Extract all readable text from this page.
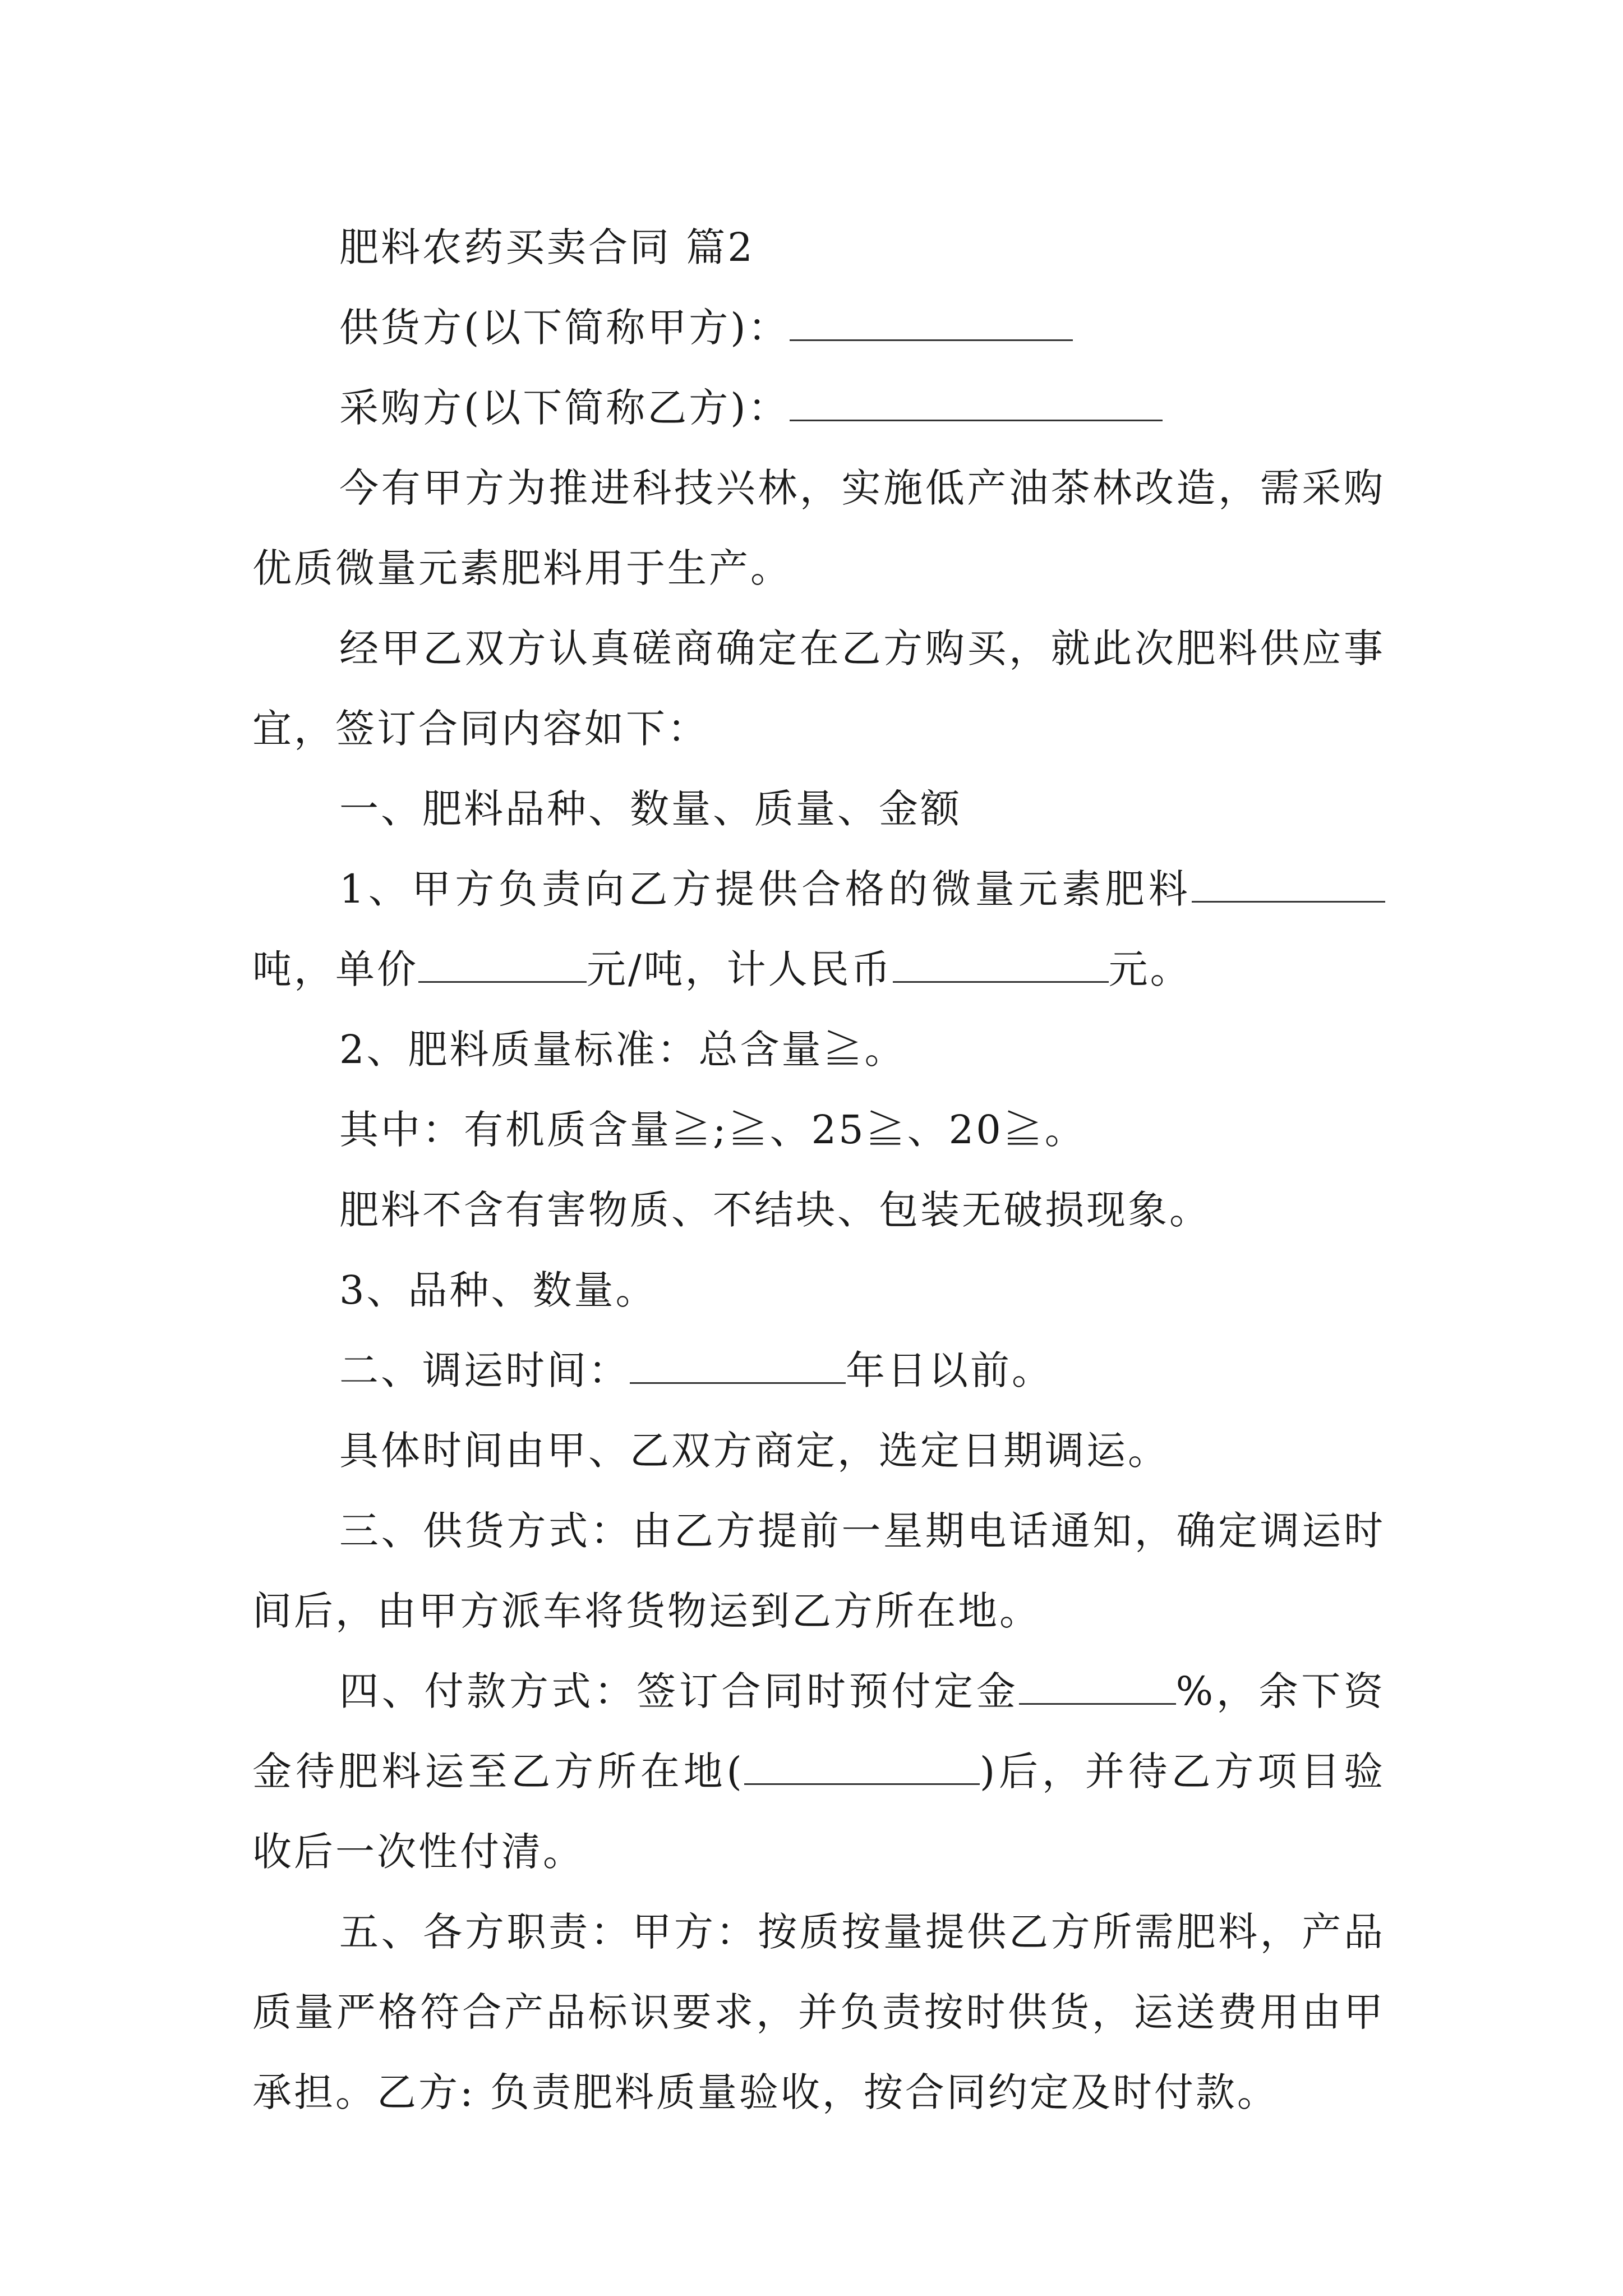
肥料农药买卖合同 篇2

供货方(以下简称甲方)：

采购方(以下简称乙方)：

今有甲方为推进科技兴林，实施低产油茶林改造，需采购优质微量元素肥料用于生产。

经甲乙双方认真磋商确定在乙方购买，就此次肥料供应事宜，签订合同内容如下：

一、肥料品种、数量、质量、金额

1、甲方负责向乙方提供合格的微量元素肥料吨，单价	元/吨，计人民币	元。

2、肥料质量标准：总含量≧。

其中：有机质含量≧;≧、25≧、20≧。

肥料不含有害物质、不结块、包装无破损现象。

3、品种、数量。

二、调运时间：	年日以前。

具体时间由甲、乙双方商定，选定日期调运。

三、供货方式：由乙方提前一星期电话通知，确定调运时间后，由甲方派车将货物运到乙方所在地。

四、付款方式：签订合同时预付定金	%，余下资金待肥料运至乙方所在地(	)后，并待乙方项目验收后一次性付清。

五、各方职责：甲方：按质按量提供乙方所需肥料，产品质量严格符合产品标识要求，并负责按时供货，运送费用由甲承担。乙方: 负责肥料质量验收，按合同约定及时付款。
